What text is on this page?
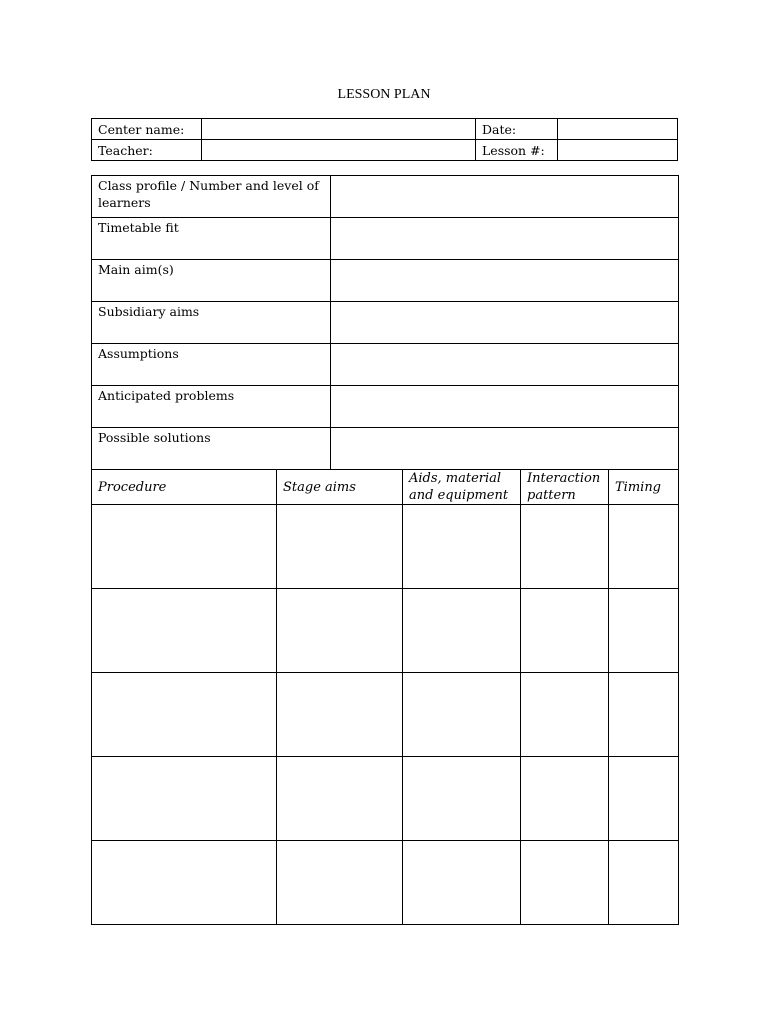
LESSON PLAN
Center name:		Date:	

Teacher:		Lesson #:	

Class profile / Number and level of learners	

Timetable fit	

Main aim(s)	

Subsidiary aims	

Assumptions	

Anticipated problems	

Possible solutions	

Procedure	Stage aims	Aids, material and equipment	Interaction pattern	Timing
